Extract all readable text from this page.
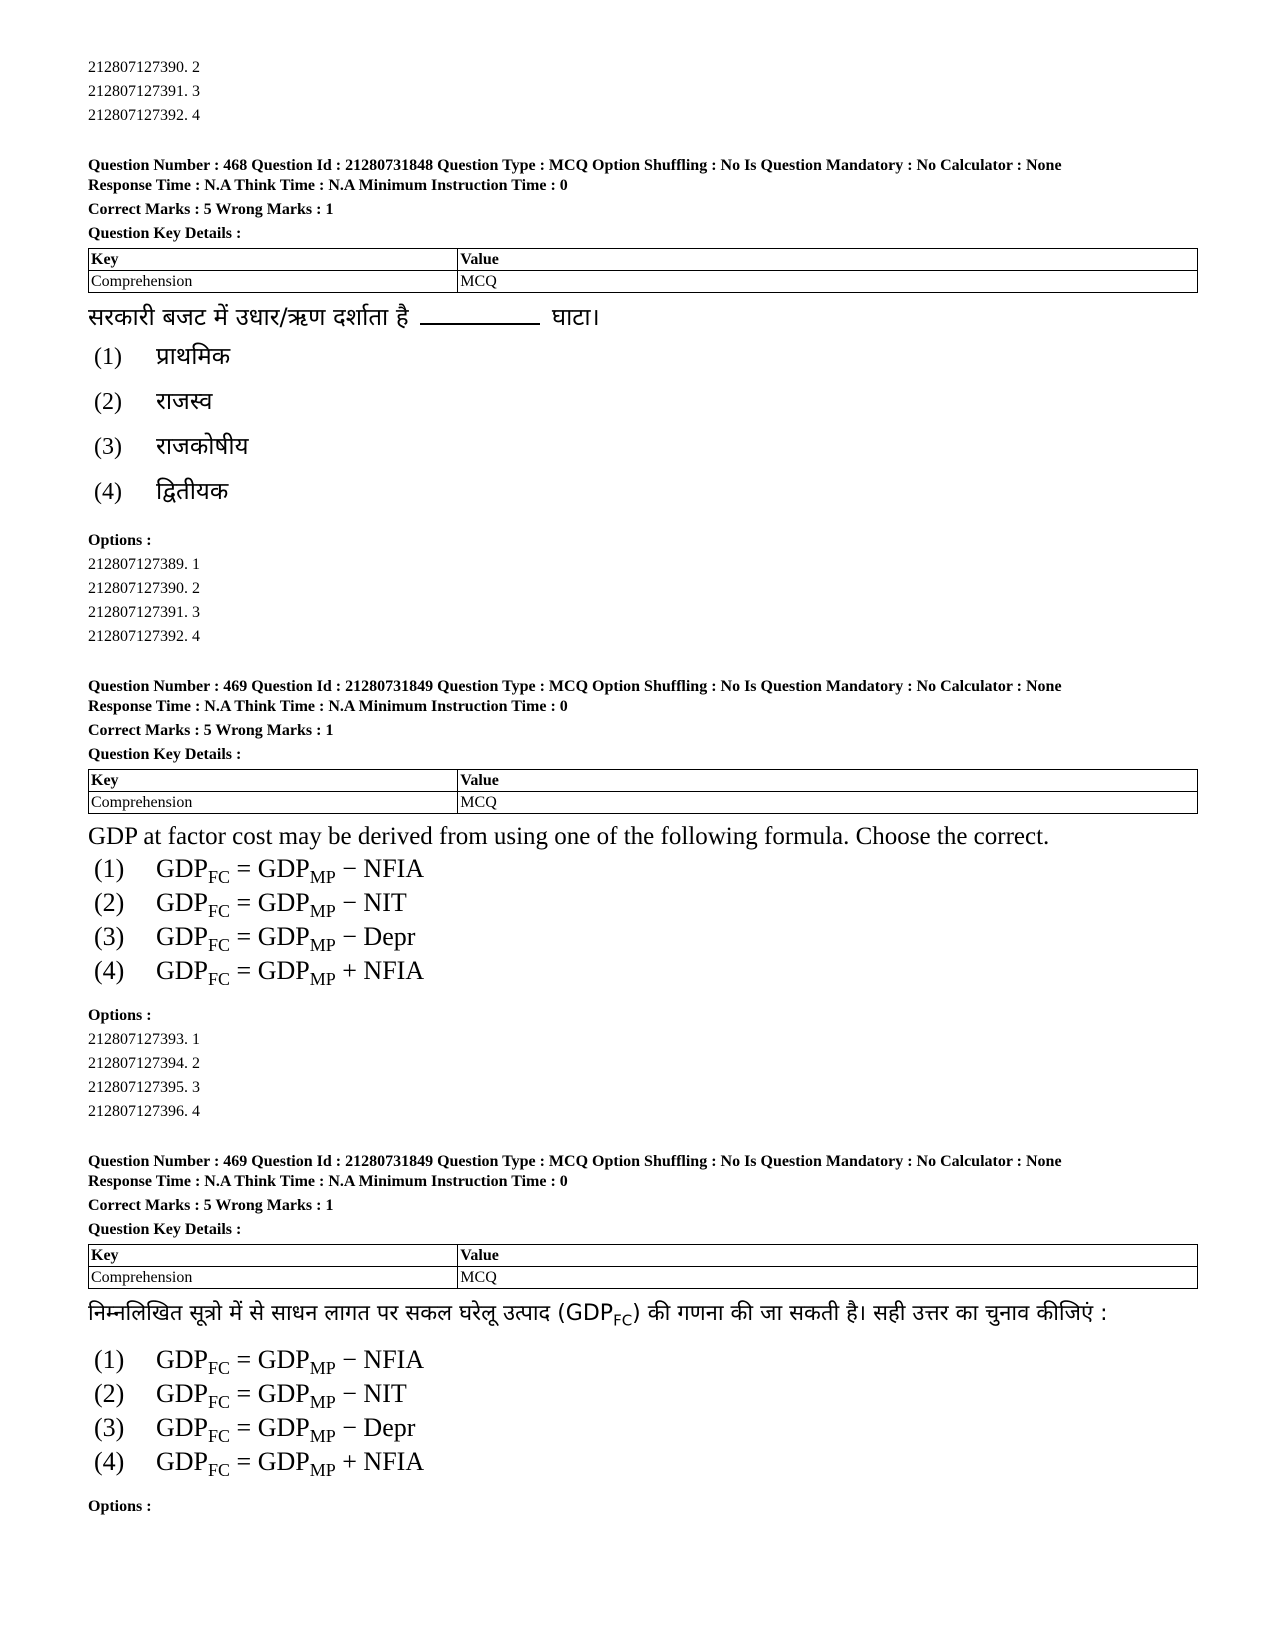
212807127390. 2
212807127391. 3
212807127392. 4
Question Number : 468 Question Id : 21280731848 Question Type : MCQ Option Shuffling : No Is Question Mandatory : No Calculator : None
Response Time : N.A Think Time : N.A Minimum Instruction Time : 0
Correct Marks : 5 Wrong Marks : 1
Question Key Details :
Key	Value
Comprehension	MCQ
सरकारी बजट में उधार/ऋण दर्शाता है	घाटा।
(1)	प्राथमिक
(2)	राजस्व
(3)	राजकोषीय
(4)	द्वितीयक
Options :
212807127389. 1
212807127390. 2
212807127391. 3
212807127392. 4
Question Number : 469 Question Id : 21280731849 Question Type : MCQ Option Shuffling : No Is Question Mandatory : No Calculator : None
Response Time : N.A Think Time : N.A Minimum Instruction Time : 0
Correct Marks : 5 Wrong Marks : 1
Question Key Details :
Key	Value
Comprehension	MCQ
GDP at factor cost may be derived from using one of the following formula. Choose the correct.
(1)	$GDP_{FC} = GDP_{MP}$ − NFIA
(2)	$GDP_{FC} = GDP_{MP}$ − NIT
(3)	$GDP_{FC} = GDP_{MP}$ − Depr
(4)	$GDP_{FC} = GDP_{MP}$ + NFIA
Options :
212807127393. 1
212807127394. 2
212807127395. 3
212807127396. 4
Question Number : 469 Question Id : 21280731849 Question Type : MCQ Option Shuffling : No Is Question Mandatory : No Calculator : None
Response Time : N.A Think Time : N.A Minimum Instruction Time : 0
Correct Marks : 5 Wrong Marks : 1
Question Key Details :
Key	Value
Comprehension	MCQ
निम्नलिखित सूत्रो में से साधन लागत पर सकल घरेलू उत्पाद $(GDP_{FC})$ की गणना की जा सकती है। सही उत्तर का चुनाव कीजिएं :
(1)	$GDP_{FC} = GDP_{MP}$ − NFIA
(2)	$GDP_{FC} = GDP_{MP}$ − NIT
(3)	$GDP_{FC} = GDP_{MP}$ − Depr
(4)	$GDP_{FC} = GDP_{MP}$ + NFIA
Options :
